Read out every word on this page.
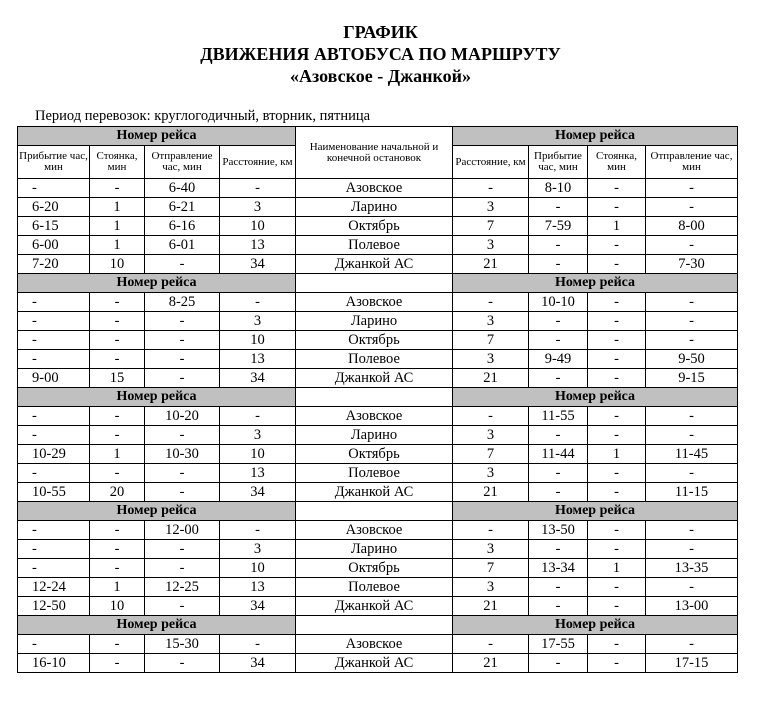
ГРАФИК
ДВИЖЕНИЯ АВТОБУСА ПО МАРШРУТУ
«Азовское - Джанкой»
Период перевозок: круглогодичный, вторник, пятница
Номер рейса				Наименование начальной и конечной остановок	Номер рейса			
Прибытие час, мин	Стоянка, мин	Отправление час, мин	Расстояние, км		Расстояние, км	Прибытие час, мин	Стоянка, мин	Отправление час, мин
-	-	6-40	-	Азовское	-	8-10	-	-
6-20	1	6-21	3	Ларино	3	-	-	-
6-15	1	6-16	10	Октябрь	7	7-59	1	8-00
6-00	1	6-01	13	Полевое	3	-	-	-
7-20	10	-	34	Джанкой АС	21	-	-	7-30
Номер рейса					Номер рейса			
-	-	8-25	-	Азовское	-	10-10	-	-
-	-	-	3	Ларино	3	-	-	-
-	-	-	10	Октябрь	7	-	-	-
-	-	-	13	Полевое	3	9-49	-	9-50
9-00	15	-	34	Джанкой АС	21	-	-	9-15
Номер рейса					Номер рейса			
-	-	10-20	-	Азовское	-	11-55	-	-
-	-	-	3	Ларино	3	-	-	-
10-29	1	10-30	10	Октябрь	7	11-44	1	11-45
-	-	-	13	Полевое	3	-	-	-
10-55	20	-	34	Джанкой АС	21	-	-	11-15
Номер рейса					Номер рейса			
-	-	12-00	-	Азовское	-	13-50	-	-
-	-	-	3	Ларино	3	-	-	-
-	-	-	10	Октябрь	7	13-34	1	13-35
12-24	1	12-25	13	Полевое	3	-	-	-
12-50	10	-	34	Джанкой АС	21	-	-	13-00
Номер рейса					Номер рейса			
-	-	15-30	-	Азовское	-	17-55	-	-
16-10	-	-	34	Джанкой АС	21	-	-	17-15
